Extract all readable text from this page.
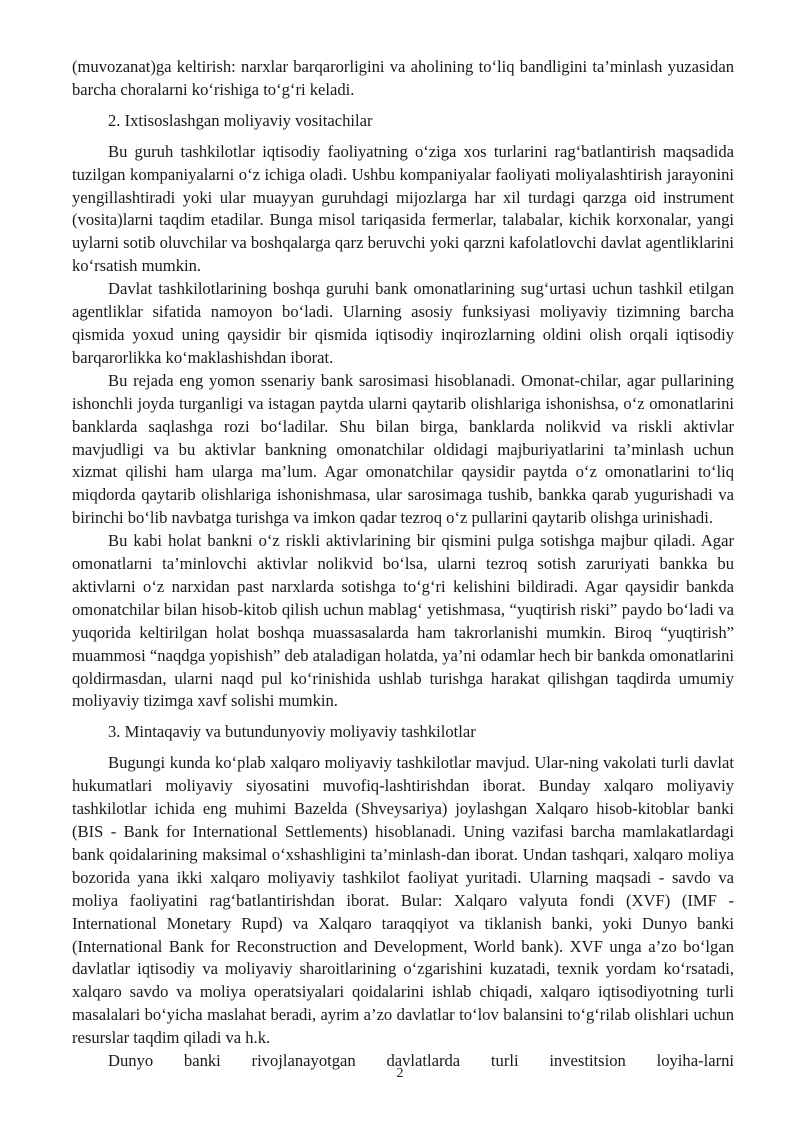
(muvozanat)ga keltirish: narxlar barqarorligini va aholining to‘liq bandligini ta’minlash yuzasidan barcha choralarni ko‘rishiga to‘g‘ri keladi.

2. Ixtisoslashgan moliyaviy vositachilar

Bu guruh tashkilotlar iqtisodiy faoliyatning o‘ziga xos turlarini rag‘batlantirish maqsadida tuzilgan kompaniyalarni o‘z ichiga oladi. Ushbu kompaniyalar faoliyati moliyalashtirish jarayonini yengillashtiradi yoki ular muayyan guruhdagi mijozlarga har xil turdagi qarzga oid instrument (vosita)larni taqdim etadilar. Bunga misol tariqasida fermerlar, talabalar, kichik korxonalar, yangi uylarni sotib oluvchilar va boshqalarga qarz beruvchi yoki qarzni kafolatlovchi davlat agentliklarini ko‘rsatish mumkin.

Davlat tashkilotlarining boshqa guruhi bank omonatlarining sug‘urtasi uchun tashkil etilgan agentliklar sifatida namoyon bo‘ladi. Ularning asosiy funksiyasi moliyaviy tizimning barcha qismida yoxud uning qaysidir bir qismida iqtisodiy inqirozlarning oldini olish orqali iqtisodiy barqarorlikka ko‘maklashishdan iborat.

Bu rejada eng yomon ssenariy bank sarosimasi hisoblanadi. Omonat-chilar, agar pullarining ishonchli joyda turganligi va istagan paytda ularni qaytarib olishlariga ishonishsa, o‘z omonatlarini banklarda saqlashga rozi bo‘ladilar. Shu bilan birga, banklarda nolikvid va riskli aktivlar mavjudligi va bu aktivlar bankning omonatchilar oldidagi majburiyatlarini ta’minlash uchun xizmat qilishi ham ularga ma’lum. Agar omonatchilar qaysidir paytda o‘z omonatlarini to‘liq miqdorda qaytarib olishlariga ishonishmasa, ular sarosimaga tushib, bankka qarab yugurishadi va birinchi bo‘lib navbatga turishga va imkon qadar tezroq o‘z pullarini qaytarib olishga urinishadi.

Bu kabi holat bankni o‘z riskli aktivlarining bir qismini pulga sotishga majbur qiladi. Agar omonatlarni ta’minlovchi aktivlar nolikvid bo‘lsa, ularni tezroq sotish zaruriyati bankka bu aktivlarni o‘z narxidan past narxlarda sotishga to‘g‘ri kelishini bildiradi. Agar qaysidir bankda omonatchilar bilan hisob-kitob qilish uchun mablag‘ yetishmasa, “yuqtirish riski” paydo bo‘ladi va yuqorida keltirilgan holat boshqa muassasalarda ham takrorlanishi mumkin. Biroq “yuqtirish” muammosi “naqdga yopishish” deb ataladigan holatda, ya’ni odamlar hech bir bankda omonatlarini qoldirmasdan, ularni naqd pul ko‘rinishida ushlab turishga harakat qilishgan taqdirda umumiy moliyaviy tizimga xavf solishi mumkin.

3. Mintaqaviy va butundunyoviy moliyaviy tashkilotlar

Bugungi kunda ko‘plab xalqaro moliyaviy tashkilotlar mavjud. Ular-ning vakolati turli davlat hukumatlari moliyaviy siyosatini muvofiq-lashtirishdan iborat. Bunday xalqaro moliyaviy tashkilotlar ichida eng muhimi Bazelda (Shveysariya) joylashgan Xalqaro hisob-kitoblar banki (BIS - Bank for International Settlements) hisoblanadi. Uning vazifasi barcha mamlakatlardagi bank qoidalarining maksimal o‘xshashligini ta’minlash-dan iborat. Undan tashqari, xalqaro moliya bozorida yana ikki xalqaro moliyaviy tashkilot faoliyat yuritadi. Ularning maqsadi - savdo va moliya faoliyatini rag‘batlantirishdan iborat. Bular: Xalqaro valyuta fondi (XVF) (IMF - International Monetary Rupd) va Xalqaro taraqqiyot va tiklanish banki, yoki Dunyo banki (International Bank for Reconstruction and Development, World bank). XVF unga a’zo bo‘lgan davlatlar iqtisodiy va moliyaviy sharoitlarining o‘zgarishini kuzatadi, texnik yordam ko‘rsatadi, xalqaro savdo va moliya operatsiyalari qoidalarini ishlab chiqadi, xalqaro iqtisodiyotning turli masalalari bo‘yicha maslahat beradi, ayrim a’zo davlatlar to‘lov balansini to‘g‘rilab olishlari uchun resurslar taqdim qiladi va h.k.

Dunyo banki rivojlanayotgan davlatlarda turli investitsion loyiha-larni

2
